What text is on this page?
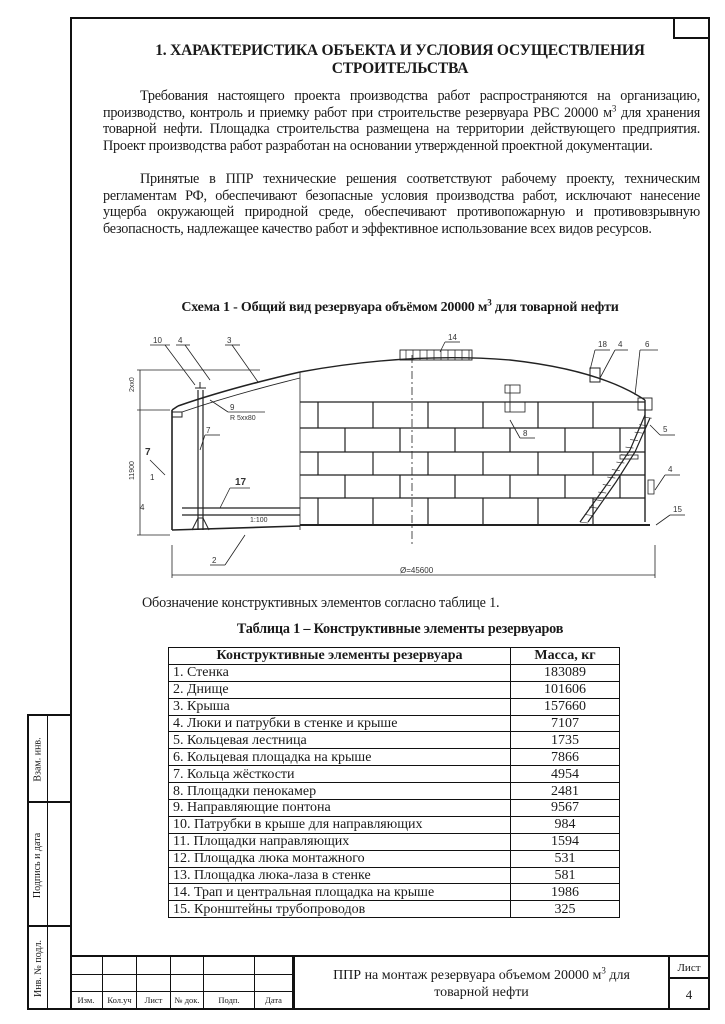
1. ХАРАКТЕРИСТИКА ОБЪЕКТА И УСЛОВИЯ ОСУЩЕСТВЛЕНИЯ
СТРОИТЕЛЬСТВА
Требования настоящего проекта производства работ распространяются на организацию, производство, контроль и приемку работ при строительстве резервуара РВС 20000 $м^3$ для хранения товарной нефти. Площадка строительства размещена на территории действующего предприятия. Проект производства работ разработан на основании утвержденной проектной документации.
Принятые в ППР технические решения соответствуют рабочему проекту, техническим регламентам РФ, обеспечивают безопасные условия производства работ, исключают нанесение ущерба окружающей природной среде, обеспечивают противопожарную и противовзрывную безопасность, надлежащее качество работ и эффективное использование всех видов ресурсов.
Схема 1 - Общий вид резервуара объёмом 20000 $м^3$ для товарной нефти
10 4	3
9
7
7
1
4
17
2
14
18 4	6
8	5
4
15
R 5хх80
1:100
Ø=45600
2xx0
11900
Обозначение конструктивных элементов согласно таблице 1.
Таблица 1 – Конструктивные элементы резервуаров
Конструктивные элементы резервуара	Масса, кг
1. Стенка	183089
2. Днище	101606
3. Крыша	157660
4. Люки и патрубки в стенке и крыше	7107
5. Кольцевая лестница	1735
6. Кольцевая площадка на крыше	7866
7. Кольца жёсткости	4954
8. Площадки пенокамер	2481
9. Направляющие понтона	9567
10. Патрубки в крыше для направляющих	984
11. Площадки направляющих	1594
12. Площадка люка монтажного	531
13. Площадка люка-лаза в стенке	581
14. Трап и центральная площадка на крыше	1986
15. Кронштейны трубопроводов	325
Взам. инв.
Подпись и дата
Инв. № подл.
Изм.	Кол.уч	Лист	№ док.	Подп.	Дата
ППР на монтаж резервуара объемом 20000 $м^3$ для товарной нефти
Лист
4
